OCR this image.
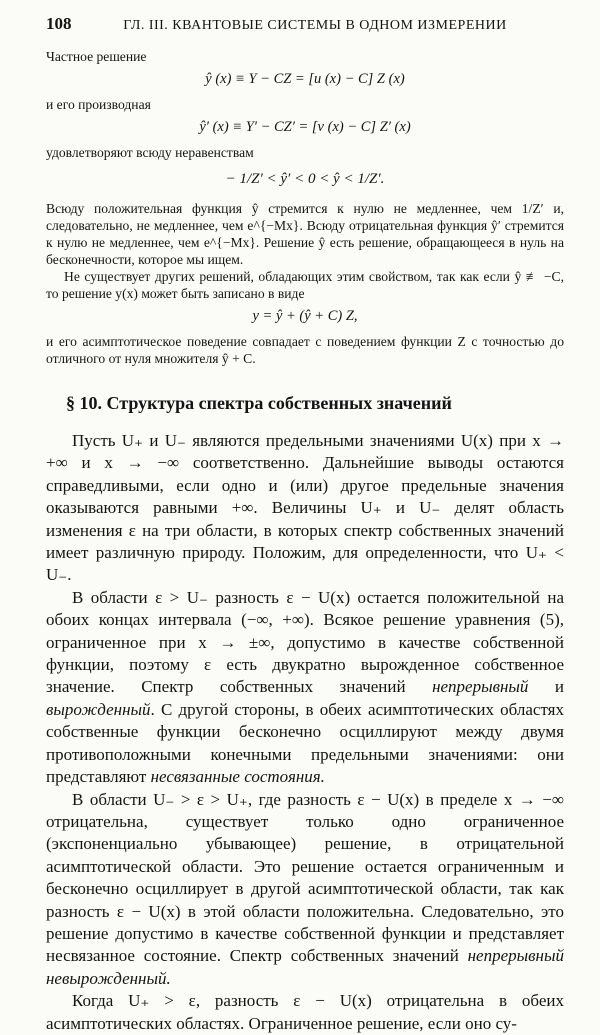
108	ГЛ. III. КВАНТОВЫЕ СИСТЕМЫ В ОДНОМ ИЗМЕРЕНИИ

Частное решение

ŷ (x) ≡ Y − CZ = [u (x) − C] Z (x)

и его производная

ŷ′ (x) ≡ Y′ − CZ′ = [v (x) − C] Z′ (x)

удовлетворяют всюду неравенствам

− 1/Z′ < ŷ′ < 0 < ŷ < 1/Z′.

Всюду положительная функция ŷ стремится к нулю не медленнее, чем 1/Z′ и, следовательно, не медленнее, чем e^{−Mx}. Всюду отрицательная функция ŷ′ стремится к нулю не медленнее, чем e^{−Mx}. Решение ŷ есть решение, обращающееся в нуль на бесконечности, которое мы ищем.

Не существует других решений, обладающих этим свойством, так как если ŷ ≢ −C, то решение y(x) может быть записано в виде

y = ŷ + (ŷ + C) Z,

и его асимптотическое поведение совпадает с поведением функции Z с точностью до отличного от нуля множителя ŷ + C.

§ 10. Структура спектра собственных значений

Пусть U₊ и U₋ являются предельными значениями U(x) при x → +∞ и x → −∞ соответственно. Дальнейшие выводы остаются справедливыми, если одно и (или) другое предельные значения оказываются равными +∞. Величины U₊ и U₋ делят область изменения ε на три области, в которых спектр собственных значений имеет различную природу. Положим, для определенности, что U₊ < U₋.

В области ε > U₋ разность ε − U(x) остается положительной на обоих концах интервала (−∞, +∞). Всякое решение уравнения (5), ограниченное при x → ±∞, допустимо в качестве собственной функции, поэтому ε есть двукратно вырожденное собственное значение. Спектр собственных значений непрерывный и вырожденный. С другой стороны, в обеих асимптотических областях собственные функции бесконечно осциллируют между двумя противоположными конечными предельными значениями: они представляют несвязанные состояния.

В области U₋ > ε > U₊, где разность ε − U(x) в пределе x → −∞ отрицательна, существует только одно ограниченное (экспоненциально убывающее) решение, в отрицательной асимптотической области. Это решение остается ограниченным и бесконечно осциллирует в другой асимптотической области, так как разность ε − U(x) в этой области положительна. Следовательно, это решение допустимо в качестве собственной функции и представляет несвязанное состояние. Спектр собственных значений непрерывный невырожденный.

Когда U₊ > ε, разность ε − U(x) отрицательна в обеих асимптотических областях. Ограниченное решение, если оно су-
